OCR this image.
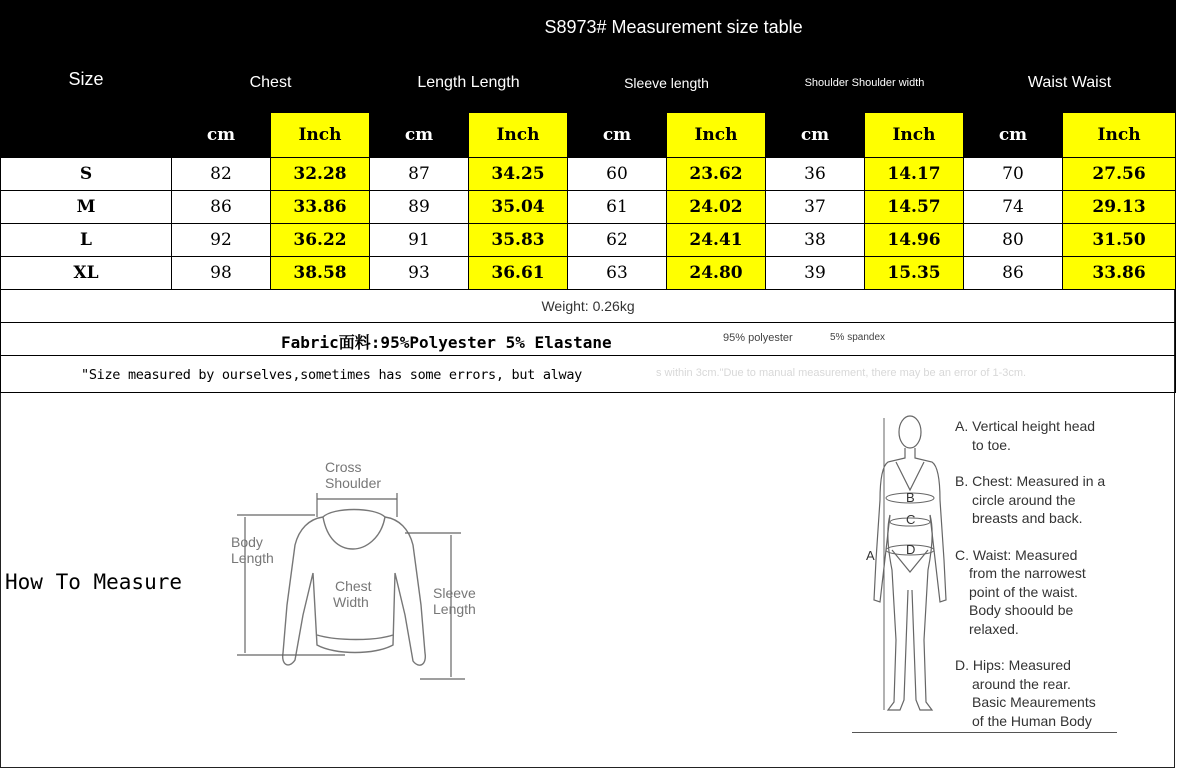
Size	S8973# Measurement size table									
	Chest		Length Length		Sleeve length		Shoulder Shoulder width		Waist Waist	
	cm	Inch	cm	Inch	cm	Inch	cm	Inch	cm	Inch
S	82	32.28	87	34.25	60	23.62	36	14.17	70	27.56
M	86	33.86	89	35.04	61	24.02	37	14.57	74	29.13
L	92	36.22	91	35.83	62	24.41	38	14.96	80	31.50
XL	98	38.58	93	36.61	63	24.80	39	15.35	86	33.86
Weight: 0.26kg										

Fabric面料:95%Polyester 5% Elastane 95% polyester 5% spandex										

"Size measured by ourselves,sometimes has some errors, but alway s within 3cm."Due to manual measurement, there may be an error of 1-3cm.										
How To Measure
Cross
Shoulder
Body
Length
Chest
Width
Sleeve
Length
A
B
C
D
A. Vertical height head
to toe.
B. Chest: Measured in a
circle around the
breasts and back.
C. Waist: Measured
from the narrowest
point of the waist.
Body shoould be
relaxed.
D. Hips: Measured
around the rear.
Basic Meaurements
of the Human Body
